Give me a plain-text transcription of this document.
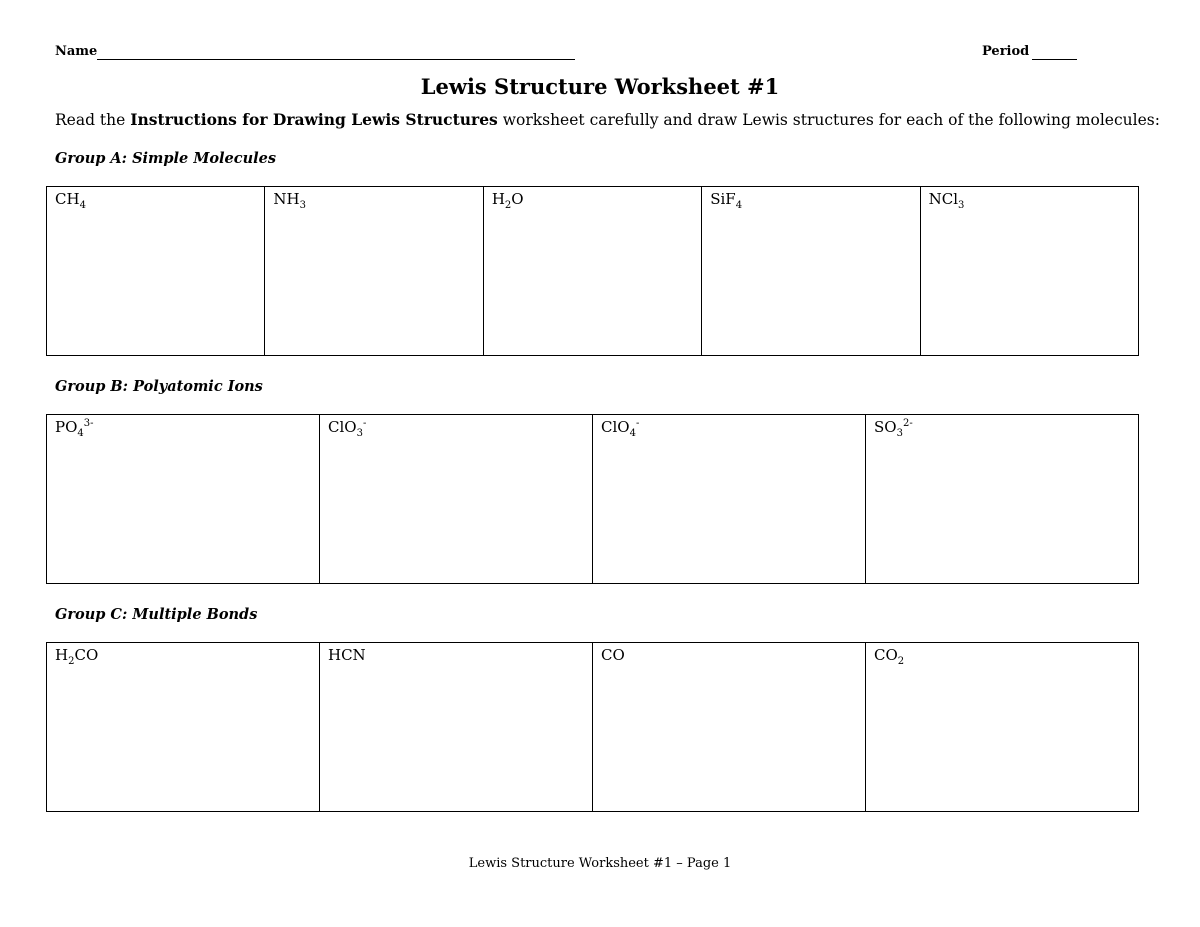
Name	Period
Lewis Structure Worksheet #1
Read the Instructions for Drawing Lewis Structures worksheet carefully and draw Lewis structures for each of the following molecules:
Group A: Simple Molecules
$CH_4$	$NH_3$	$H_2O$	SiF$_4$	NCl$_3$
Group B: Polyatomic Ions
$PO_4^{3-}$	ClO$_3$-	ClO$_4$-	$SO_3^{2-}$
Group C: Multiple Bonds
$H_2CO$	HCN	CO	$CO_2$
Lewis Structure Worksheet #1 – Page 1
